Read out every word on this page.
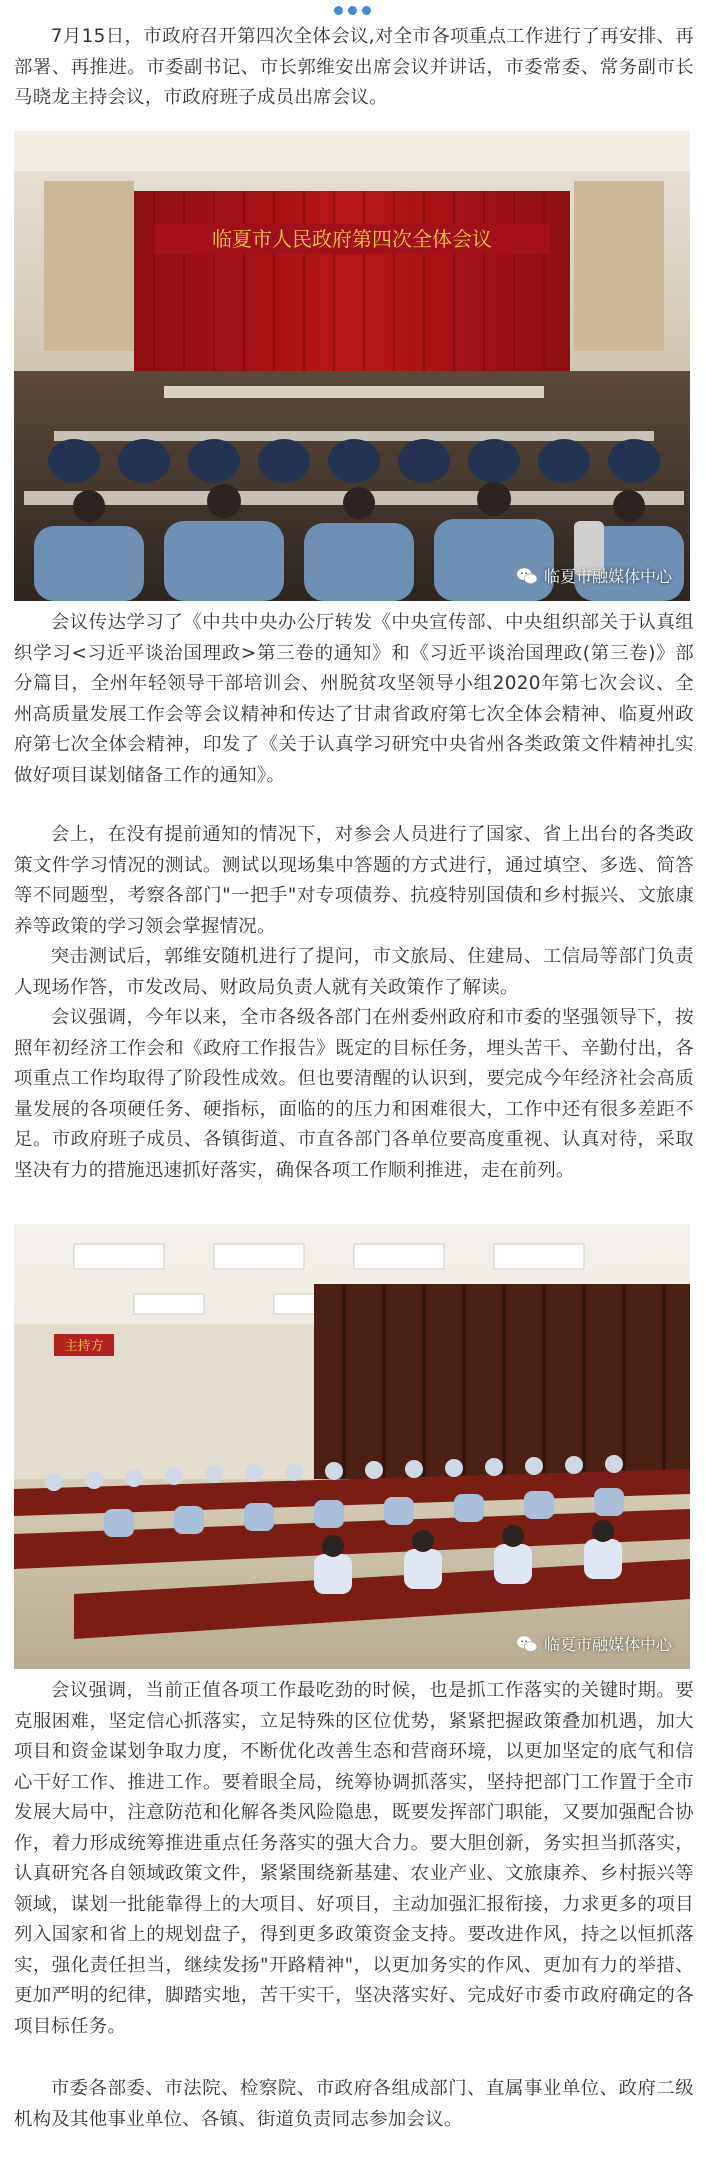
7月15日，市政府召开第四次全体会议,对全市各项重点工作进行了再安排、再部署、再推进。市委副书记、市长郭维安出席会议并讲话，市委常委、常务副市长马晓龙主持会议，市政府班子成员出席会议。

临夏市人民政府第四次全体会议
临夏市融媒体中心

会议传达学习了《中共中央办公厅转发《中央宣传部、中央组织部关于认真组织学习<习近平谈治国理政>第三卷的通知》和《习近平谈治国理政(第三卷)》部分篇目，全州年轻领导干部培训会、州脱贫攻坚领导小组2020年第七次会议、全州高质量发展工作会等会议精神和传达了甘肃省政府第七次全体会精神、临夏州政府第七次全体会精神，印发了《关于认真学习研究中央省州各类政策文件精神扎实做好项目谋划储备工作的通知》。

会上，在没有提前通知的情况下，对参会人员进行了国家、省上出台的各类政策文件学习情况的测试。测试以现场集中答题的方式进行，通过填空、多选、简答等不同题型，考察各部门"一把手"对专项债券、抗疫特别国债和乡村振兴、文旅康养等政策的学习领会掌握情况。

突击测试后，郭维安随机进行了提问，市文旅局、住建局、工信局等部门负责人现场作答，市发改局、财政局负责人就有关政策作了解读。

会议强调，今年以来，全市各级各部门在州委州政府和市委的坚强领导下，按照年初经济工作会和《政府工作报告》既定的目标任务，埋头苦干、辛勤付出，各项重点工作均取得了阶段性成效。但也要清醒的认识到，要完成今年经济社会高质量发展的各项硬任务、硬指标，面临的的压力和困难很大，工作中还有很多差距不足。市政府班子成员、各镇街道、市直各部门各单位要高度重视、认真对待，采取坚决有力的措施迅速抓好落实，确保各项工作顺利推进，走在前列。

主持方
临夏市融媒体中心

会议强调，当前正值各项工作最吃劲的时候，也是抓工作落实的关键时期。要克服困难，坚定信心抓落实，立足特殊的区位优势，紧紧把握政策叠加机遇，加大项目和资金谋划争取力度，不断优化改善生态和营商环境，以更加坚定的底气和信心干好工作、推进工作。要着眼全局，统筹协调抓落实，坚持把部门工作置于全市发展大局中，注意防范和化解各类风险隐患，既要发挥部门职能，又要加强配合协作，着力形成统筹推进重点任务落实的强大合力。要大胆创新，务实担当抓落实，认真研究各自领域政策文件，紧紧围绕新基建、农业产业、文旅康养、乡村振兴等领域，谋划一批能靠得上的大项目、好项目，主动加强汇报衔接，力求更多的项目列入国家和省上的规划盘子，得到更多政策资金支持。要改进作风，持之以恒抓落实，强化责任担当，继续发扬"开路精神"，以更加务实的作风、更加有力的举措、更加严明的纪律，脚踏实地，苦干实干，坚决落实好、完成好市委市政府确定的各项目标任务。

市委各部委、市法院、检察院、市政府各组成部门、直属事业单位、政府二级机构及其他事业单位、各镇、街道负责同志参加会议。
